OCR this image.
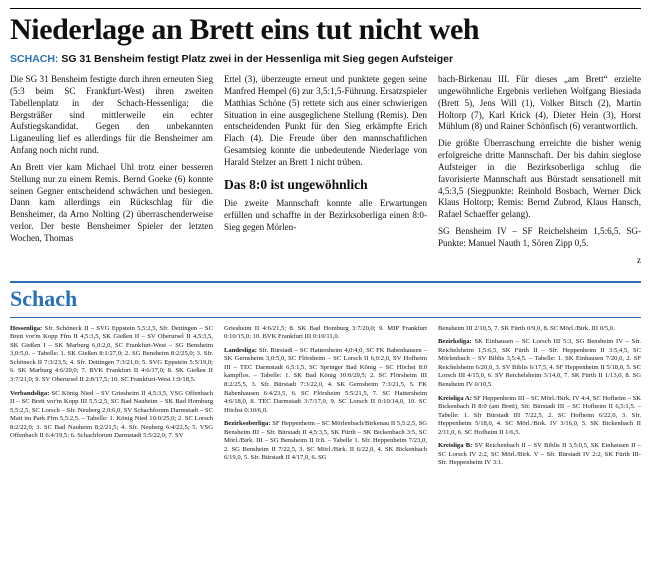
Niederlage an Brett eins tut nicht weh
SCHACH: SG 31 Bensheim festigt Platz zwei in der Hessenliga mit Sieg gegen Aufsteiger

Die SG 31 Bensheim festigte durch ihren erneuten Sieg (5:3 beim SC Frankfurt-West) ihren zweiten Tabellenplatz in der Schach-Hessenliga; die Bergsträßer sind mittlerweile ein echter Aufstiegskandidat. Gegen den unbekannten Liganeuling lief es allerdings für die Bensheimer am Anfang noch nicht rund.

An Brett vier kam Michael Uhl trotz einer besseren Stellung nur zu einem Remis. Bernd Goeke (6) konnte seinen Gegner entscheidend schwächen und besiegen. Dann kam allerdings ein Rückschlag für die Bensheimer, da Arno Nolting (2) überraschenderweise verlor. Der beste Bensheimer Spieler der letzten Wochen, Thomas

Ettel (3), überzeugte erneut und punktete gegen seine Manfred Hempel (6) zur 3,5:1,5-Führung. Ersatzspieler Matthias Schöne (5) rettete sich aus einer schwierigen Situation in eine ausgeglichene Stellung (Remis). Den entscheidenden Punkt für den Sieg erkämpfte Erich Flach (4). Die Freude über den mannschaftlichen Gesamtsieg konnte die unbedeutende Niederlage von Harald Stelzer an Brett 1 nicht trüben.

Das 8:0 ist ungewöhnlich

Die zweite Mannschaft konnte alle Erwartungen erfüllen und schaffte in der Bezirksoberliga einen 8:0- Sieg gegen Mörlen-

bach-Birkenau III. Für dieses „am Brett“ erzielte ungewöhnliche Ergebnis verliehen Wolfgang Biesiada (Brett 5), Jens Will (1), Volker Bitsch (2), Martin Holtorp (7), Karl Krick (4), Dieter Hein (3), Horst Mühlum (8) und Rainer Schönfisch (6) verantwortlich.

Die größte Überraschung erreichte die bisher wenig erfolgreiche dritte Mannschaft. Der bis dahin sieglose Aufsteiger in die Bezirksoberliga schlug die favorisierte Mannschaft aus Bürstadt sensationell mit 4,5:3,5 (Siegpunkte: Reinhold Bosbach, Werner Dick Klaus Holtorp; Remis: Bernd Zubrod, Klaus Hansch, Rafael Schaeffer gelang).

SG Bensheim IV – SF Reichelsheim 1,5:6,5. SG-Punkte: Manuel Nauth 1, Sören Zipp 0,5.

z

Schach

Hessenliga: Sfr. Schöneck II – SVG Eppstein 5,5:2,5, Sfr. Dettingen – SC Brett vor'm Kopp Ffm II 4,5:3,5, SK Gießen II – SV Oberursel II 4,5:3,5, SK Gießen I – SK Marburg 6,0:2,0, SC Frankfurt-West – SG Bensheim 3,0:5,0. – Tabelle: 1. SK Gießen 8:1/27,0; 2. SG Bensheim 8:2/25,0; 3. Sfr. Schöneck II 7:3/23,5; 4. Sfr. Dettingen 7:3/21,0; 5. SVG Eppstein 5:5/19,0; 6. SK Marburg 4:6/20,0; 7. BVK Frankfurt II 4:6/17,0; 8. SK Gießen II 3:7/21,0; 9. SV Oberursel II 2:8/17,5; 10. SC Frankfurt-West 1:9/18,5.

Verbandsliga: SC König Nied – SV Griesheim II 4,5:3,5, VSG Offenbach II – SC Brett vor'm Kopp III 5,5:2,5, SC Bad Nauheim – SK Bad Homburg 5,5:2,5, SC Lorsch – Sfr. Neuberg 2,0:6,0, SV Schachforum Darmstadt – SC Matt im Park Ffm 5,5:2,5. – Tabelle: 1. König Nied 10:0/25,0; 2. SC Lorsch 8:2/22,0; 3. SC Bad Nauheim 8:2/21,5; 4. Sfr. Neuberg 6:4/22,5; 5. VSG Offenbach II 6:4/19,5; 6. Schachforum Darmstadt 5:5/22,0; 7. SV

Griesheim II 4:6/21,5; 8. SK Bad Homburg 3:7/20,0; 9. MIP Frankfurt 0:10/15,0; 10. BVK Frankfurt III 0:10/11,0.

Landesliga: Sfr. Bürstadt – SC Hattersheim 4,0:4,0, SC FK Babenhausen – SK Gernsheim 3,0:5,0, SC Flörsheim – SC Lorsch II 6,0:2,0, SV Hofheim III – TEC Darmstadt 6,5:1,5, SC Springer Bad König – SC Höchst 8:0 kampflos. – Tabelle: 1. SK Bad König 10:0/29,5; 2. SC Flörsheim III 8:2/25,5, 3. Sfr. Bürstadt 7:3/22,0, 4. SK Gernsheim 7:3/21,5, 5. FK Babenhausen 6:4/23,5, 6. SC Flörsheim 5:5/21,5, 7. SC Hattersheim 4:6/18,0, 8. TEC Darmstadt 3:7/17,0, 9. SC Lorsch II 0:10/14,0, 10. SC Höchst 0:10/6,0.

Bezirksoberliga: SF Heppenheim – SC Mörlenbach/Birkenau II 5,5:2,5, SG Bensheim III – Sfr. Bürstadt II 4,5:3,5, SK Fürth – SK Bickenbach 3:5, SC Mörl./Birk. III – SG Bensheim II 0:8. – Tabelle 1. Sfr. Heppenheim 7/23,0, 2. SG Bensheim II 7/22,5, 3. SC Mörl./Birk. II 6/22,0, 4. SK Bickenbach 6/19,0, 5. Sfr. Bürstadt II 4/17,0, 6. SG

Bensheim III 2/10,5, 7. SK Fürth 0/9,0, 8. SC Mörl./Birk. III 0/5,0.

Bezirksliga: SK Einhausen – SC Lorsch III 5:3, SG Bensheim IV – Sfr. Reichelsheim 1,5:6,5, SK Fürth II – Sfr. Heppenheim II 3:5,4,5, SC Mörlenbach – SV Biblis 3,5:4,5. – Tabelle: 1. SK Einhausen 7/20,0, 2. SF Reichelsheim 6/20,0, 3. SV Biblis 6/17,5, 4. SF Heppenheim II 5/18,0, 5. SC Lorsch III 4/15,0, 6. SV Reichelsheim 3/14,0, 7. SK Fürth II 1/13,0, 8. SG Bensheim IV 0/10,5.

Kreisliga A: SF Heppenheim III – SC Mörl./Birk. IV 4:4, SC Hofheim – SK Bickenbach II 8:0 (am Brett), Sfr. Bürstadt III – SC Hofheim II 6,5:1,5. – Tabelle: 1. Sfr Bürstadt III 7/22,5, 2. SC Hofheim 6/22,0, 3. Sfr. Heppenheim 5/18,0, 4. SC Mörl./Birk. IV 3/16,0, 5. SK Bickenbach II 2/11,0, 6. SC Hofheim II 1/6,5.

Kreisliga B: SV Reichenbach II – SV Biblis II 3,5:0,5, SK Einhausen II – SC Lorsch IV 2:2, SC Mörl./Birk. V – Sfr. Bürstadt IV 2:2, SK Fürth III- Sfr. Heppenheim IV 3:1.
